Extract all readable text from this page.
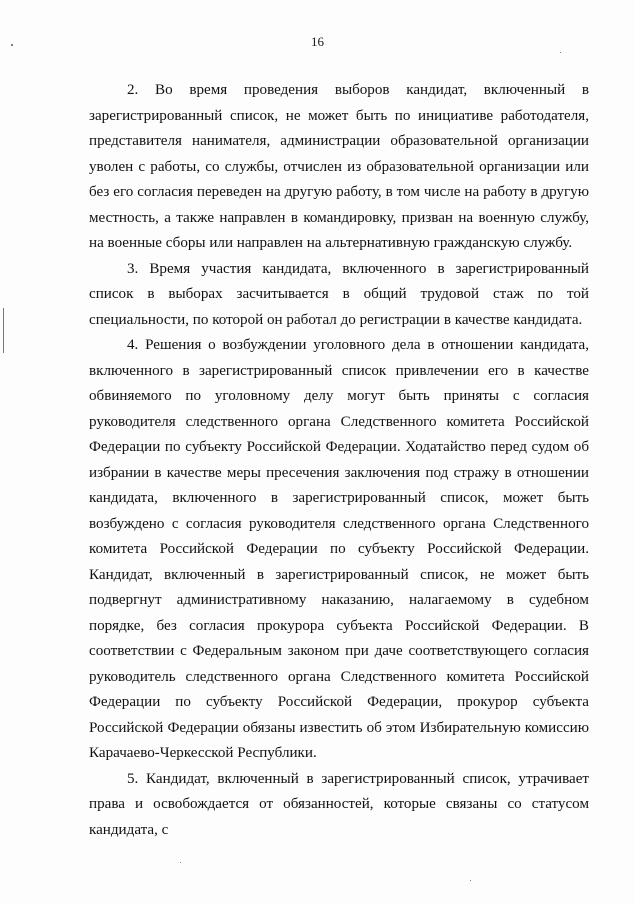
16

2. Во время проведения выборов кандидат, включенный в зарегистрированный список, не может быть по инициативе работодателя, представителя нанимателя, администрации образовательной организации уволен с работы, со службы, отчислен из образовательной организации или без его согласия переведен на другую работу, в том числе на работу в другую местность, а также направлен в командировку, призван на военную службу, на военные сборы или направлен на альтернативную гражданскую службу.

3. Время участия кандидата, включенного в зарегистрированный список в выборах засчитывается в общий трудовой стаж по той специальности, по которой он работал до регистрации в качестве кандидата.

4. Решения о возбуждении уголовного дела в отношении кандидата, включенного в зарегистрированный список привлечении его в качестве обвиняемого по уголовному делу могут быть приняты с согласия руководителя следственного органа Следственного комитета Российской Федерации по субъекту Российской Федерации. Ходатайство перед судом об избрании в качестве меры пресечения заключения под стражу в отношении кандидата, включенного в зарегистрированный список, может быть возбуждено с согласия руководителя следственного органа Следственного комитета Российской Федерации по субъекту Российской Федерации. Кандидат, включенный в зарегистрированный список, не может быть подвергнут административному наказанию, налагаемому в судебном порядке, без согласия прокурора субъекта Российской Федерации. В соответствии с Федеральным законом при даче соответствующего согласия руководитель следственного органа Следственного комитета Российской Федерации по субъекту Российской Федерации, прокурор субъекта Российской Федерации обязаны известить об этом Избирательную комиссию Карачаево-Черкесской Республики.

5. Кандидат, включенный в зарегистрированный список, утрачивает права и освобождается от обязанностей, которые связаны со статусом кандидата, с
